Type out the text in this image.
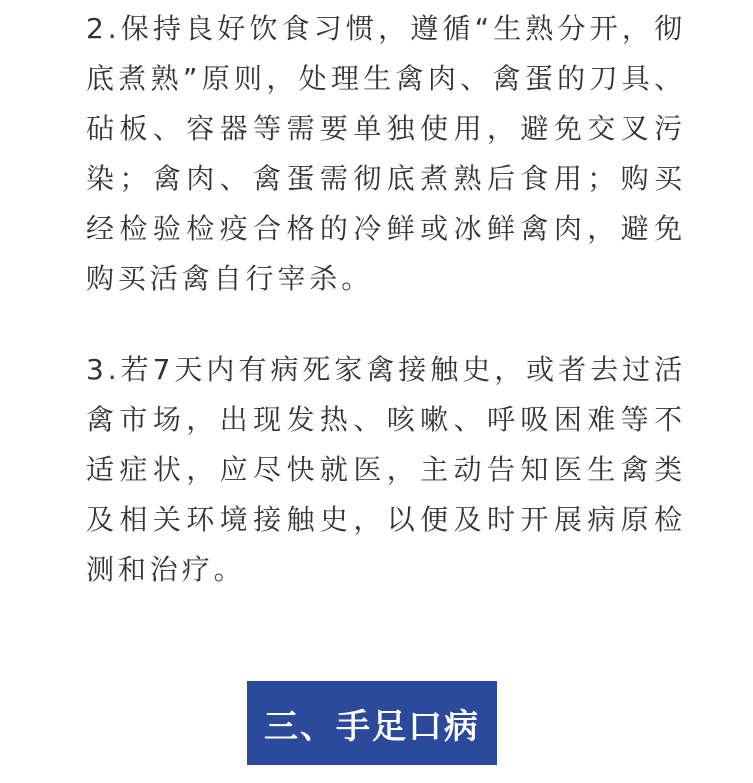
2.保持良好饮食习惯，遵循“生熟分开，彻底煮熟”原则，处理生禽肉、禽蛋的刀具、砧板、容器等需要单独使用，避免交叉污染；禽肉、禽蛋需彻底煮熟后食用；购买经检验检疫合格的冷鲜或冰鲜禽肉，避免购买活禽自行宰杀。

3.若7天内有病死家禽接触史，或者去过活禽市场，出现发热、咳嗽、呼吸困难等不适症状，应尽快就医，主动告知医生禽类及相关环境接触史，以便及时开展病原检测和治疗。

三、手足口病
